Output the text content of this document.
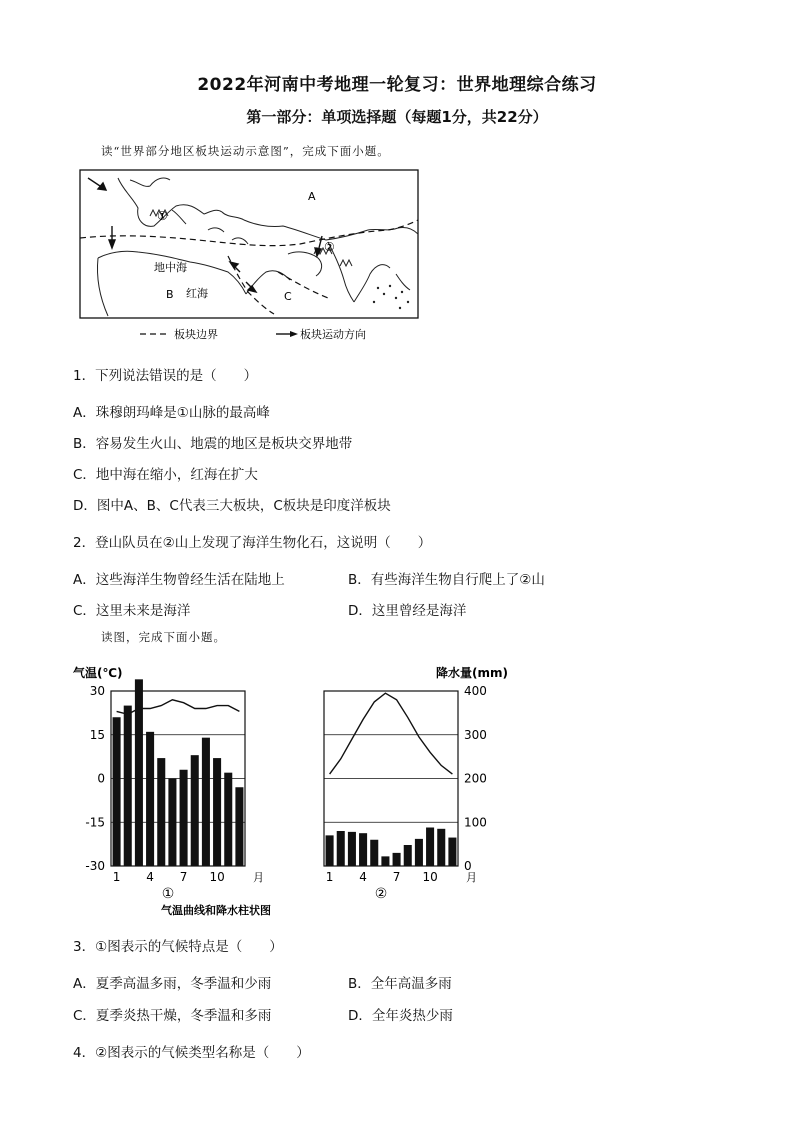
2022年河南中考地理一轮复习：世界地理综合练习
第一部分：单项选择题（每题1分，共22分）
读“世界部分地区板块运动示意图”，完成下面小题。
A
B	C
地中海
红海
①
②
板块边界	板块运动方向
1．下列说法错误的是（　　）
A．珠穆朗玛峰是①山脉的最高峰
B．容易发生火山、地震的地区是板块交界地带
C．地中海在缩小，红海在扩大
D．图中A、B、C代表三大板块，C板块是印度洋板块
2．登山队员在②山上发现了海洋生物化石，这说明（　　）
A．这些海洋生物曾经生活在陆地上	B．有些海洋生物自行爬上了②山
C．这里未来是海洋	D．这里曾经是海洋
读图，完成下面小题。
30
15
0
-15
-30
气温(℃)
1 4 7 10	月
①
400
300
200
100
0
降水量(mm)
1 4 7 10	月
②
气温曲线和降水柱状图
3．①图表示的气候特点是（　　）
A．夏季高温多雨，冬季温和少雨	B．全年高温多雨
C．夏季炎热干燥，冬季温和多雨	D．全年炎热少雨
4．②图表示的气候类型名称是（　　）
